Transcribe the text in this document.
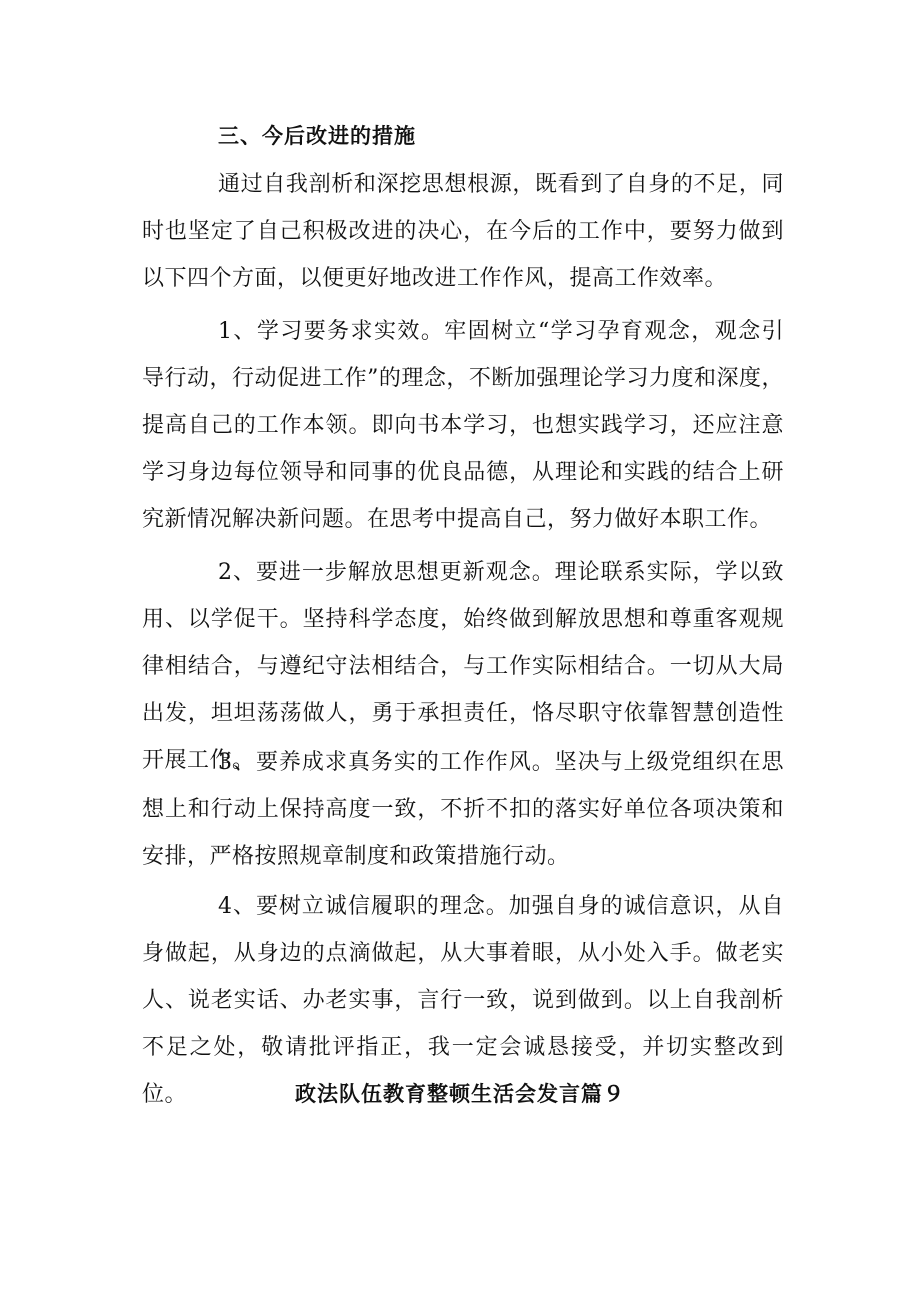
三、今后改进的措施

通过自我剖析和深挖思想根源，既看到了自身的不足，同时也坚定了自己积极改进的决心，在今后的工作中，要努力做到以下四个方面，以便更好地改进工作作风，提高工作效率。

1、学习要务求实效。牢固树立“学习孕育观念，观念引导行动，行动促进工作”的理念，不断加强理论学习力度和深度，提高自己的工作本领。即向书本学习，也想实践学习，还应注意学习身边每位领导和同事的优良品德，从理论和实践的结合上研究新情况解决新问题。在思考中提高自己，努力做好本职工作。

2、要进一步解放思想更新观念。理论联系实际，学以致用、以学促干。坚持科学态度，始终做到解放思想和尊重客观规律相结合，与遵纪守法相结合，与工作实际相结合。一切从大局出发，坦坦荡荡做人，勇于承担责任，恪尽职守依靠智慧创造性开展工作。

3、要养成求真务实的工作作风。坚决与上级党组织在思想上和行动上保持高度一致，不折不扣的落实好单位各项决策和安排，严格按照规章制度和政策措施行动。

4、要树立诚信履职的理念。加强自身的诚信意识，从自身做起，从身边的点滴做起，从大事着眼，从小处入手。做老实人、说老实话、办老实事，言行一致，说到做到。以上自我剖析不足之处，敬请批评指正，我一定会诚恳接受，并切实整改到位。	政法队伍教育整顿生活会发言篇９
